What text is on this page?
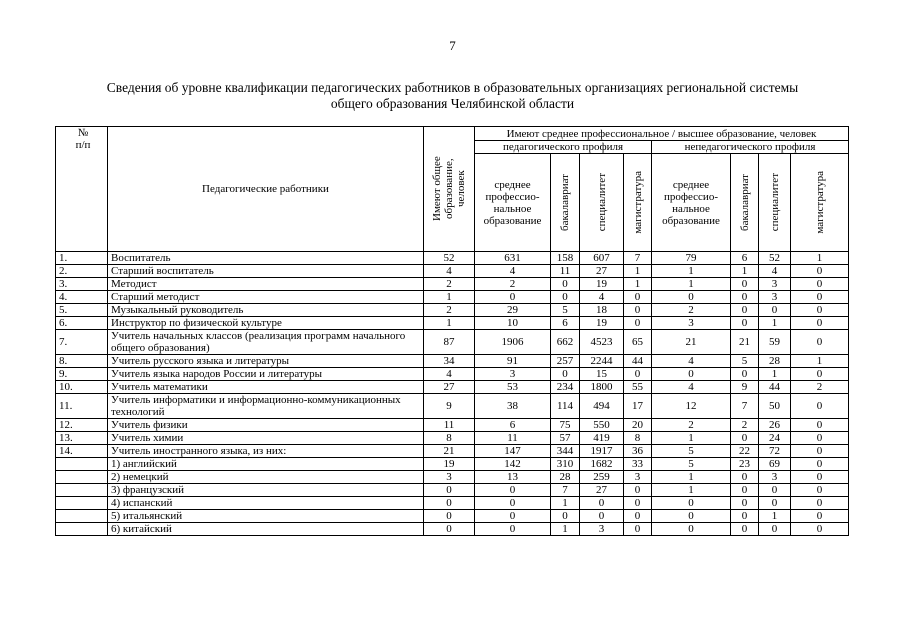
7
Сведения об уровне квалификации педагогических работников в образовательных организациях региональной системы
общего образования Челябинской области
№
п/п	Педагогические работники	Имеют общее образование, человек	Имеют среднее профессиональное / высшее образование, человек							
			педагогического профиля				непедагогического профиля			
			среднее профессио-нальное образование	бакалавриат	специалитет	магистратура	среднее профессио-нальное образование	бакалавриат	специалитет	магистратура

1.	Воспитатель	52	631	158	607	7	79	6	52	1
2.	Старший воспитатель	4	4	11	27	1	1	1	4	0
3.	Методист	2	2	0	19	1	1	0	3	0
4.	Старший методист	1	0	0	4	0	0	0	3	0
5.	Музыкальный руководитель	2	29	5	18	0	2	0	0	0
6.	Инструктор по физической культуре	1	10	6	19	0	3	0	1	0
7.	Учитель начальных классов (реализация программ начального общего образования)	87	1906	662	4523	65	21	21	59	0
8.	Учитель русского языка и литературы	34	91	257	2244	44	4	5	28	1
9.	Учитель языка народов России и литературы	4	3	0	15	0	0	0	1	0
10.	Учитель математики	27	53	234	1800	55	4	9	44	2
11.	Учитель информатики и информационно-коммуникационных технологий	9	38	114	494	17	12	7	50	0
12.	Учитель физики	11	6	75	550	20	2	2	26	0
13.	Учитель химии	8	11	57	419	8	1	0	24	0
14.	Учитель иностранного языка, из них:	21	147	344	1917	36	5	22	72	0
	1) английский	19	142	310	1682	33	5	23	69	0
	2) немецкий	3	13	28	259	3	1	0	3	0
	3) французский	0	0	7	27	0	1	0	0	0
	4) испанский	0	0	1	0	0	0	0	0	0
	5) итальянский	0	0	0	0	0	0	0	1	0
	6) китайский	0	0	1	3	0	0	0	0	0
